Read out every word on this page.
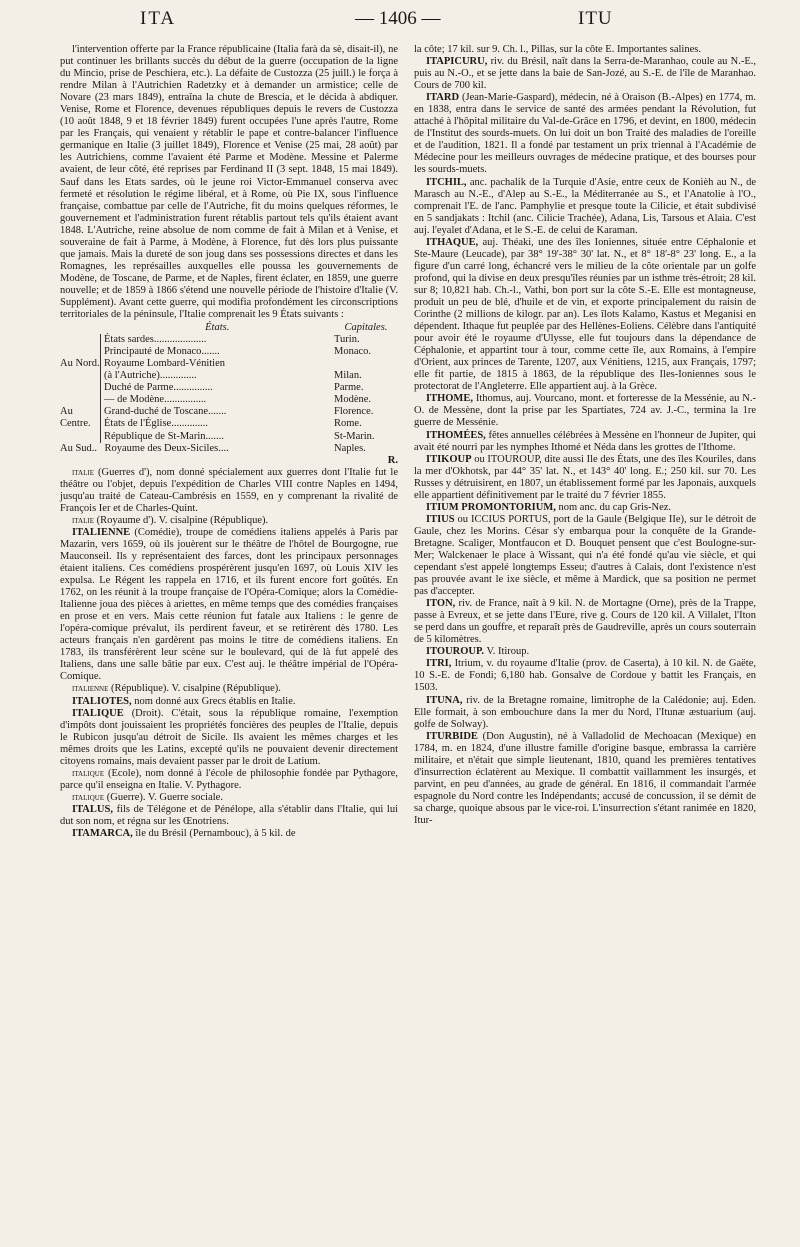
ITA	— 1406 —	ITU

l'intervention offerte par la France républicaine (Italia farà da sè, disait-il), ne put continuer les brillants succès du début de la guerre (occupation de la ligne du Mincio, prise de Peschiera, etc.). La défaite de Custozza (25 juill.) le força à rendre Milan à l'Autrichien Radetzky et à demander un armistice; celle de Novare (23 mars 1849), entraîna la chute de Brescia, et le décida à abdiquer. Venise, Rome et Florence, devenues républiques depuis le revers de Custozza (10 août 1848, 9 et 18 février 1849) furent occupées l'une après l'autre, Rome par les Français, qui venaient y rétablir le pape et contre-balancer l'influence germanique en Italie (3 juillet 1849), Florence et Venise (25 mai, 28 août) par les Autrichiens, comme l'avaient été Parme et Modène. Messine et Palerme avaient, de leur côté, été reprises par Ferdinand II (3 sept. 1848, 15 mai 1849). Sauf dans les Etats sardes, où le jeune roi Victor-Emmanuel conserva avec fermeté et résolution le régime libéral, et à Rome, où Pie IX, sous l'influence française, combattue par celle de l'Autriche, fit du moins quelques réformes, le gouvernement et l'administration furent rétablis partout tels qu'ils étaient avant 1848. L'Autriche, reine absolue de nom comme de fait à Milan et à Venise, et souveraine de fait à Parme, à Modène, à Florence, fut dès lors plus puissante que jamais. Mais la dureté de son joug dans ses possessions directes et dans les Romagnes, les représailles auxquelles elle poussa les gouvernements de Modène, de Toscane, de Parme, et de Naples, firent éclater, en 1859, une guerre nouvelle; et de 1859 à 1866 s'étend une nouvelle période de l'histoire d'Italie (V. Supplément). Avant cette guerre, qui modifia profondément les circonscriptions territoriales de la péninsule, l'Italie comprenait les 9 États suivants :

	États.	Capitales.
Au Nord.	États sardes....................	Turin.
	Principauté de Monaco.......	Monaco.
	Royaume Lombard-Vénitien	
	(à l'Autriche)..............	Milan.
	Duché de Parme...............	Parme.
Au Centre.	— de Modène................	Modène.
	Grand-duché de Toscane.......	Florence.
	États de l'Église..............	Rome.
	République de St-Marin.......	St-Marin.
Au Sud..	Royaume des Deux-Siciles....	Naples.
R.		

italie (Guerres d'), nom donné spécialement aux guerres dont l'Italie fut le théâtre ou l'objet, depuis l'expédition de Charles VIII contre Naples en 1494, jusqu'au traité de Cateau-Cambrésis en 1559, en y comprenant la rivalité de François Ier et de Charles-Quint.

italie (Royaume d'). V. cisalpine (République).

ITALIENNE (Comédie), troupe de comédiens italiens appelés à Paris par Mazarin, vers 1659, où ils jouèrent sur le théâtre de l'hôtel de Bourgogne, rue Mauconseil. Ils y représentaient des farces, dont les principaux personnages étaient italiens. Ces comédiens prospérèrent jusqu'en 1697, où Louis XIV les expulsa. Le Régent les rappela en 1716, et ils furent encore fort goûtés. En 1762, on les réunit à la troupe française de l'Opéra-Comique; alors la Comédie-Italienne joua des pièces à ariettes, en même temps que des comédies françaises en prose et en vers. Mais cette réunion fut fatale aux Italiens : le genre de l'opéra-comique prévalut, ils perdirent faveur, et se retirèrent dès 1780. Les acteurs français n'en gardèrent pas moins le titre de comédiens italiens. En 1783, ils transférèrent leur scène sur le boulevard, qui de là fut appelé des Italiens, dans une salle bâtie par eux. C'est auj. le théâtre impérial de l'Opéra-Comique.

italienne (République). V. cisalpine (République).

ITALIOTES, nom donné aux Grecs établis en Italie.

ITALIQUE (Droit). C'était, sous la république romaine, l'exemption d'impôts dont jouissaient les propriétés foncières des peuples de l'Italie, depuis le Rubicon jusqu'au détroit de Sicile. Ils avaient les mêmes charges et les mêmes droits que les Latins, excepté qu'ils ne pouvaient devenir directement citoyens romains, mais devaient passer par le droit de Latium.

italique (Ecole), nom donné à l'école de philosophie fondée par Pythagore, parce qu'il enseigna en Italie. V. Pythagore.

italique (Guerre). V. Guerre sociale.

ITALUS, fils de Télégone et de Pénélope, alla s'établir dans l'Italie, qui lui dut son nom, et régna sur les Œnotriens.

ITAMARCA, île du Brésil (Pernambouc), à 5 kil. de

la côte; 17 kil. sur 9. Ch. l., Pillas, sur la côte E. Importantes salines.

ITAPICURU, riv. du Brésil, naît dans la Serra-de-Maranhao, coule au N.-E., puis au N.-O., et se jette dans la baie de San-Jozé, au S.-E. de l'île de Maranhao. Cours de 700 kil.

ITARD (Jean-Marie-Gaspard), médecin, né à Oraison (B.-Alpes) en 1774, m. en 1838, entra dans le service de santé des armées pendant la Révolution, fut attaché à l'hôpital militaire du Val-de-Grâce en 1796, et devint, en 1800, médecin de l'Institut des sourds-muets. On lui doit un bon Traité des maladies de l'oreille et de l'audition, 1821. Il a fondé par testament un prix triennal à l'Académie de Médecine pour les meilleurs ouvrages de médecine pratique, et des bourses pour les sourds-muets.

ITCHIL, anc. pachalik de la Turquie d'Asie, entre ceux de Konièh au N., de Marasch au N.-E., d'Alep au S.-E., la Méditerranée au S., et l'Anatolie à l'O., comprenait l'E. de l'anc. Pamphylie et presque toute la Cilicie, et était subdivisé en 5 sandjakats : Itchil (anc. Cilicie Trachée), Adana, Lis, Tarsous et Alaia. C'est auj. l'eyalet d'Adana, et le S.-E. de celui de Karaman.

ITHAQUE, auj. Théaki, une des îles Ioniennes, située entre Céphalonie et Ste-Maure (Leucade), par 38° 19'-38° 30' lat. N., et 8° 18'-8° 23' long. E., a la figure d'un carré long, échancré vers le milieu de la côte orientale par un golfe profond, qui la divise en deux presqu'îles réunies par un isthme très-étroit; 28 kil. sur 8; 10,821 hab. Ch.-l., Vathi, bon port sur la côte S.-E. Elle est montagneuse, produit un peu de blé, d'huile et de vin, et exporte principalement du raisin de Corinthe (2 millions de kilogr. par an). Les îlots Kalamo, Kastus et Meganisi en dépendent. Ithaque fut peuplée par des Hellènes-Eoliens. Célèbre dans l'antiquité pour avoir été le royaume d'Ulysse, elle fut toujours dans la dépendance de Céphalonie, et appartint tour à tour, comme cette île, aux Romains, à l'empire d'Orient, aux princes de Tarente, 1207, aux Vénitiens, 1215, aux Français, 1797; elle fit partie, de 1815 à 1863, de la république des Iles-Ioniennes sous le protectorat de l'Angleterre. Elle appartient auj. à la Grèce.

ITHOME, Ithomus, auj. Vourcano, mont. et forteresse de la Messénie, au N.-O. de Messène, dont la prise par les Spartiates, 724 av. J.-C., termina la 1re guerre de Messénie.

ITHOMÉES, fêtes annuelles célébrées à Messène en l'honneur de Jupiter, qui avait été nourri par les nymphes Ithomé et Néda dans les grottes de l'Ithome.

ITIKOUP ou ITOUROUP, dite aussi Ile des États, une des îles Kouriles, dans la mer d'Okhotsk, par 44° 35' lat. N., et 143° 40' long. E.; 250 kil. sur 70. Les Russes y détruisirent, en 1807, un établissement formé par les Japonais, auxquels elle appartient définitivement par le traité du 7 février 1855.

ITIUM PROMONTORIUM, nom anc. du cap Gris-Nez.

ITIUS ou ICCIUS PORTUS, port de la Gaule (Belgique IIe), sur le détroit de Gaule, chez les Morins. César s'y embarqua pour la conquête de la Grande-Bretagne. Scaliger, Montfaucon et D. Bouquet pensent que c'est Boulogne-sur-Mer; Walckenaer le place à Wissant, qui n'a été fondé qu'au vie siècle, et qui cependant s'est appelé longtemps Esseu; d'autres à Calais, dont l'existence n'est pas prouvée avant le ixe siècle, et même à Mardick, que sa position ne permet pas d'accepter.

ITON, riv. de France, naît à 9 kil. N. de Mortagne (Orne), près de la Trappe, passe à Evreux, et se jette dans l'Eure, rive g. Cours de 120 kil. A Villalet, l'Iton se perd dans un gouffre, et reparaît près de Gaudreville, après un cours souterrain de 5 kilomètres.

ITOUROUP. V. Itiroup.

ITRI, Itrium, v. du royaume d'Italie (prov. de Caserta), à 10 kil. N. de Gaëte, 10 S.-E. de Fondi; 6,180 hab. Gonsalve de Cordoue y battit les Français, en 1503.

ITUNA, riv. de la Bretagne romaine, limitrophe de la Calédonie; auj. Eden. Elle formait, à son embouchure dans la mer du Nord, l'Itunæ æstuarium (auj. golfe de Solway).

ITURBIDE (Don Augustin), né à Valladolid de Mechoacan (Mexique) en 1784, m. en 1824, d'une illustre famille d'origine basque, embrassa la carrière militaire, et n'était que simple lieutenant, 1810, quand les premières tentatives d'insurrection éclatèrent au Mexique. Il combattit vaillamment les insurgés, et parvint, en peu d'années, au grade de général. En 1816, il commandait l'armée espagnole du Nord contre les Indépendants; accusé de concussion, il se démit de sa charge, quoique absous par le vice-roi. L'insurrection s'étant ranimée en 1820, Itur-
